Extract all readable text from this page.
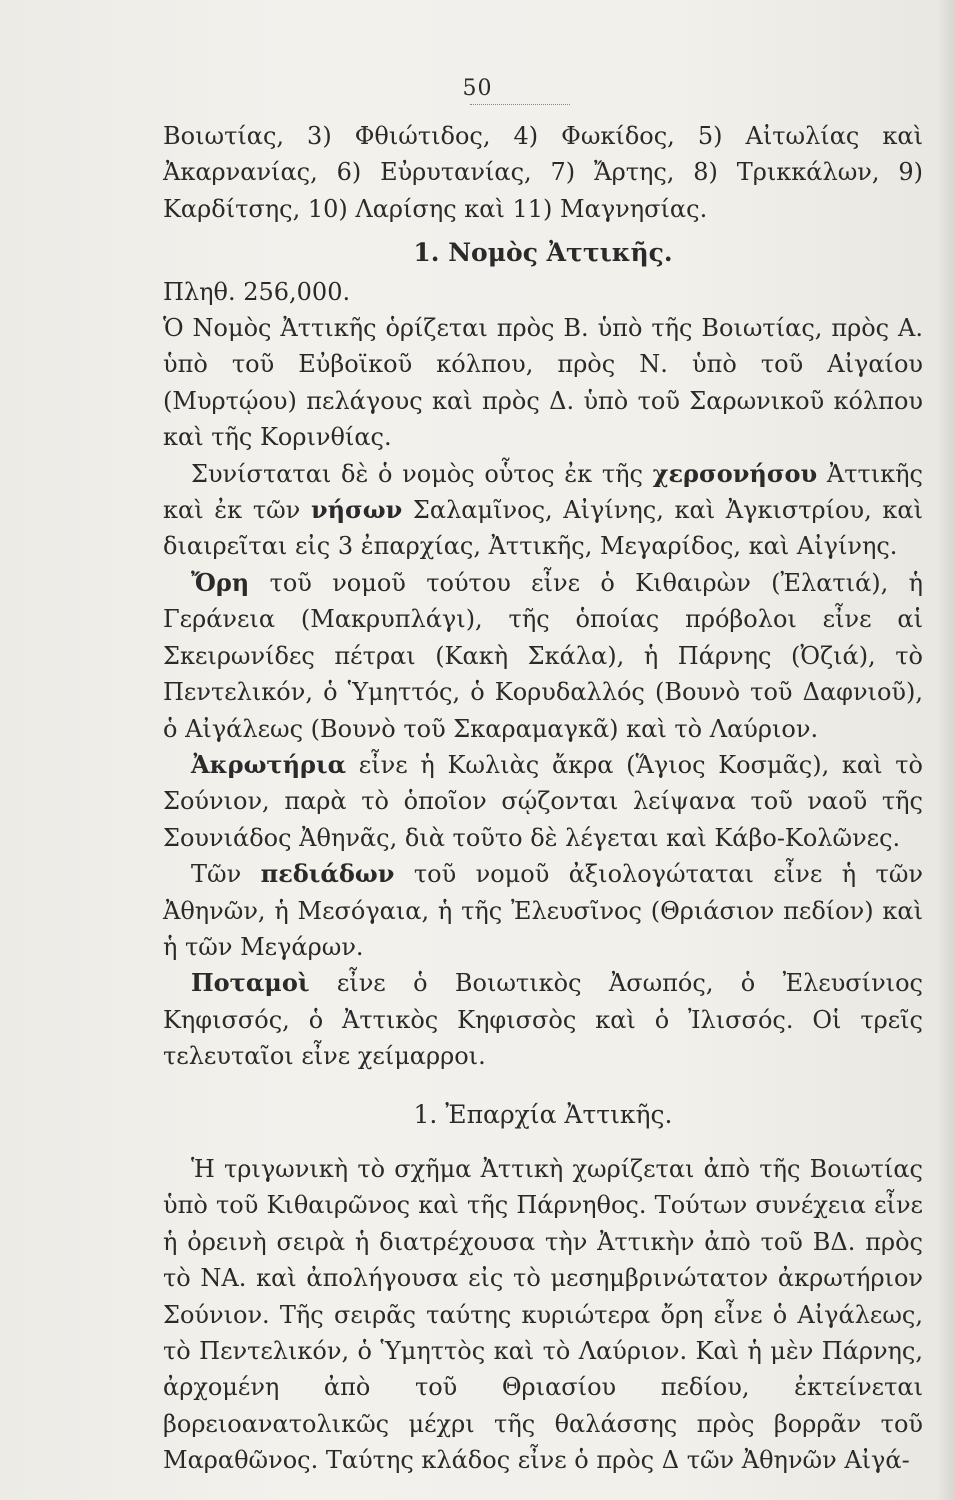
50

Βοιωτίας, 3) Φθιώτιδος, 4) Φωκίδος, 5) Αἰτωλίας καὶ Ἀκαρνανίας, 6) Εὐρυτανίας, 7) Ἄρτης, 8) Τρικκάλων, 9) Καρδίτσης, 10) Λαρίσης καὶ 11) Μαγνησίας.

1. Νομὸς Ἀττικῆς.

Πληθ. 256,000.

Ὁ Νομὸς Ἀττικῆς ὁρίζεται πρὸς Β. ὑπὸ τῆς Βοιωτίας, πρὸς Α. ὑπὸ τοῦ Εὐβοϊκοῦ κόλπου, πρὸς Ν. ὑπὸ τοῦ Αἰγαίου (Μυρτῴου) πελάγους καὶ πρὸς Δ. ὑπὸ τοῦ Σαρωνικοῦ κόλπου καὶ τῆς Κορινθίας.

Συνίσταται δὲ ὁ νομὸς οὗτος ἐκ τῆς χερσονήσου Ἀττικῆς καὶ ἐκ τῶν νήσων Σαλαμῖνος, Αἰγίνης, καὶ Ἀγκιστρίου, καὶ διαιρεῖται εἰς 3 ἐπαρχίας, Ἀττικῆς, Μεγαρίδος, καὶ Αἰγίνης.

Ὄρη τοῦ νομοῦ τούτου εἶνε ὁ Κιθαιρὼν (Ἐλατιά), ἡ Γεράνεια (Μακρυπλάγι), τῆς ὁποίας πρόβολοι εἶνε αἱ Σκειρωνίδες πέτραι (Κακὴ Σκάλα), ἡ Πάρνης (Ὀζιά), τὸ Πεντελικόν, ὁ Ὑμηττός, ὁ Κορυδαλλός (Βουνὸ τοῦ Δαφνιοῦ), ὁ Αἰγάλεως (Βουνὸ τοῦ Σκαραμαγκᾶ) καὶ τὸ Λαύριον.

Ἀκρωτήρια εἶνε ἡ Κωλιὰς ἄκρα (Ἅγιος Κοσμᾶς), καὶ τὸ Σούνιον, παρὰ τὸ ὁποῖον σῴζονται λείψανα τοῦ ναοῦ τῆς Σουνιάδος Ἀθηνᾶς, διὰ τοῦτο δὲ λέγεται καὶ Κάβο-Κολῶνες.

Τῶν πεδιάδων τοῦ νομοῦ ἀξιολογώταται εἶνε ἡ τῶν Ἀθηνῶν, ἡ Μεσόγαια, ἡ τῆς Ἐλευσῖνος (Θριάσιον πεδίον) καὶ ἡ τῶν Μεγάρων.

Ποταμοὶ εἶνε ὁ Βοιωτικὸς Ἀσωπός, ὁ Ἐλευσίνιος Κηφισσός, ὁ Ἀττικὸς Κηφισσὸς καὶ ὁ Ἰλισσός. Οἱ τρεῖς τελευταῖοι εἶνε χείμαρροι.

1. Ἐπαρχία Ἀττικῆς.

Ἡ τριγωνικὴ τὸ σχῆμα Ἀττικὴ χωρίζεται ἀπὸ τῆς Βοιωτίας ὑπὸ τοῦ Κιθαιρῶνος καὶ τῆς Πάρνηθος. Τούτων συνέχεια εἶνε ἡ ὀρεινὴ σειρὰ ἡ διατρέχουσα τὴν Ἀττικὴν ἀπὸ τοῦ ΒΔ. πρὸς τὸ ΝΑ. καὶ ἀπολήγουσα εἰς τὸ μεσημβρινώτατον ἀκρωτήριον Σούνιον. Τῆς σειρᾶς ταύτης κυριώτερα ὄρη εἶνε ὁ Αἰγάλεως, τὸ Πεντελικόν, ὁ Ὑμηττὸς καὶ τὸ Λαύριον. Καὶ ἡ μὲν Πάρνης, ἀρχομένη ἀπὸ τοῦ Θριασίου πεδίου, ἐκτείνεται βορειοανατολικῶς μέχρι τῆς θαλάσσης πρὸς βορρᾶν τοῦ Μαραθῶνος. Ταύτης κλάδος εἶνε ὁ πρὸς Δ τῶν Ἀθηνῶν Αἰγά-
